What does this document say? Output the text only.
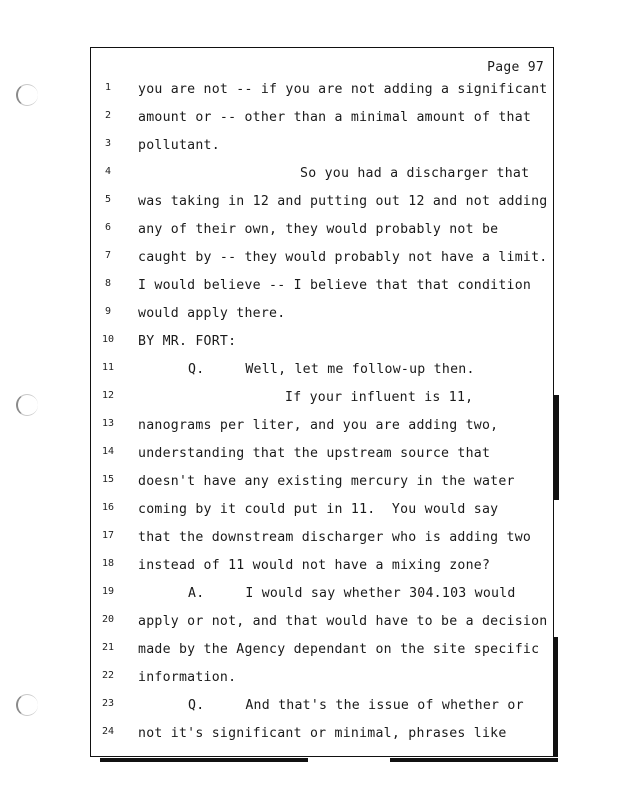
Page 97
1	you are not -- if you are not adding a significant
2	amount or -- other than a minimal amount of that
3	pollutant.
4	So you had a discharger that
5	was taking in 12 and putting out 12 and not adding
6	any of their own, they would probably not be
7	caught by -- they would probably not have a limit.
8	I would believe -- I believe that that condition
9	would apply there.
10	BY MR. FORT:
11	Q.     Well, let me follow-up then.
12	If your influent is 11,
13	nanograms per liter, and you are adding two,
14	understanding that the upstream source that
15	doesn't have any existing mercury in the water
16	coming by it could put in 11.  You would say
17	that the downstream discharger who is adding two
18	instead of 11 would not have a mixing zone?
19	A.     I would say whether 304.103 would
20	apply or not, and that would have to be a decision
21	made by the Agency dependant on the site specific
22	information.
23	Q.     And that's the issue of whether or
24	not it's significant or minimal, phrases like
